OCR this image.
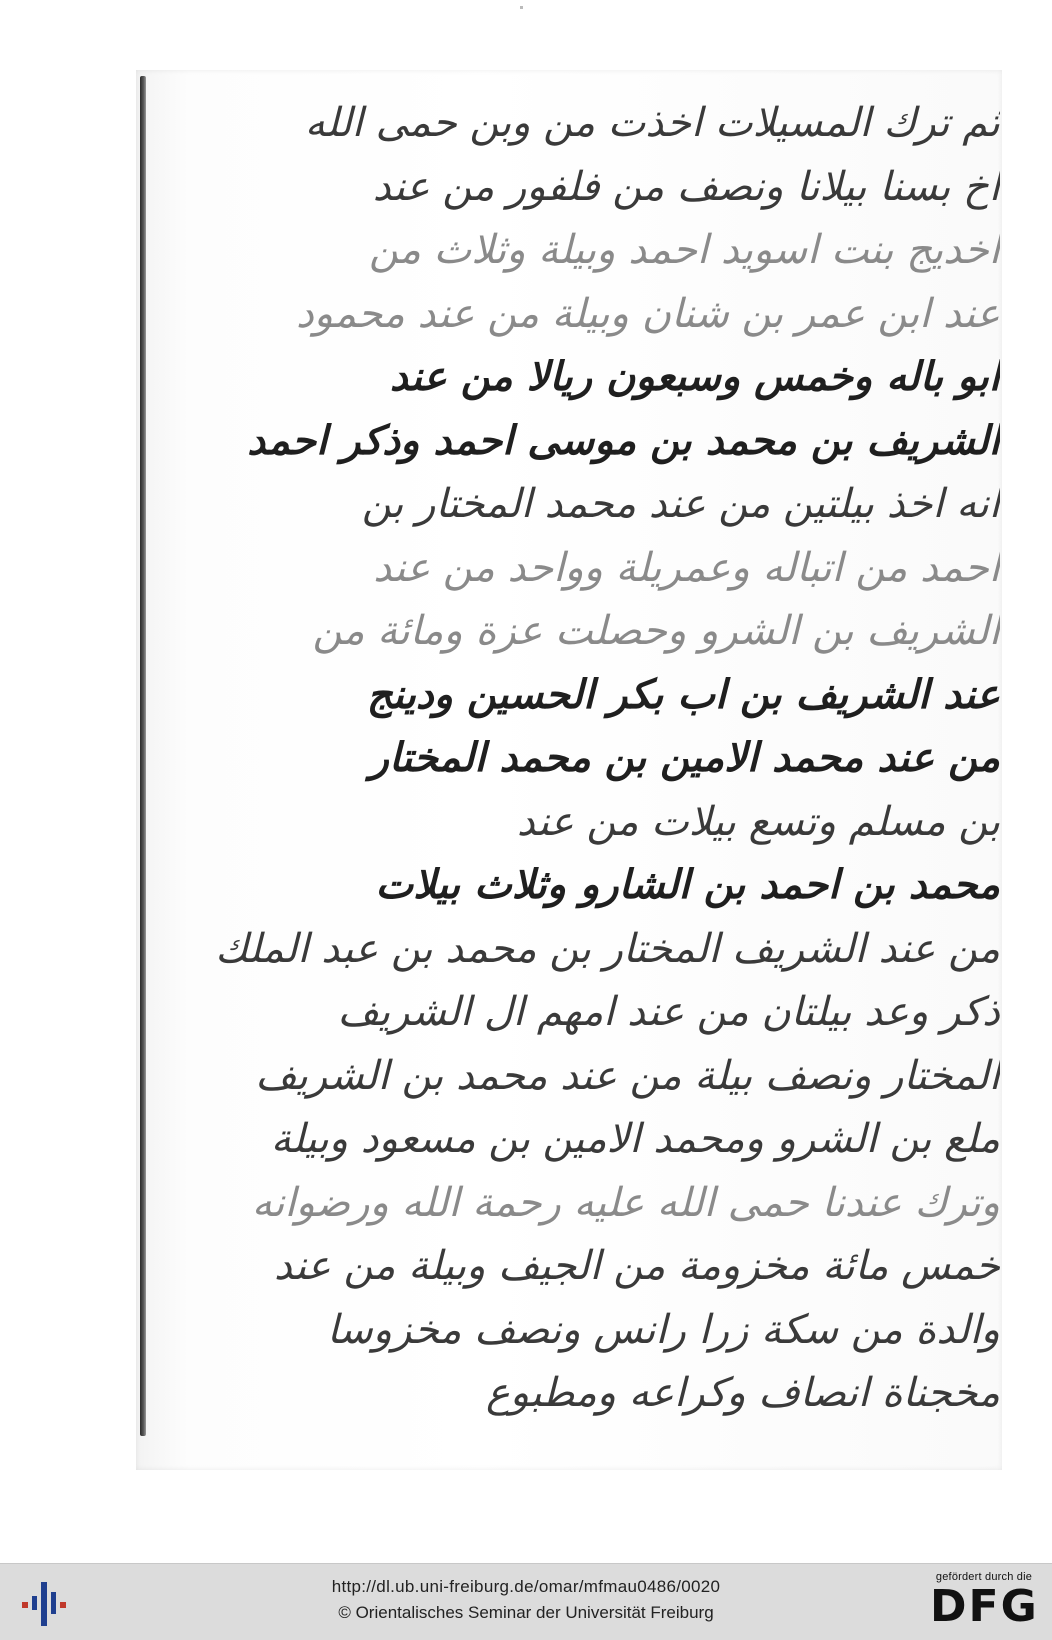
ثم ترك المسيلات اخذت من وبن حمى الله
اخ بسنا بيلانا ونصف من فلفور من عند
اخديج بنت اسويد احمد وبيلة وثلاث من
عند ابن عمر بن شنان وبيلة من عند محمود
ابو باله وخمس وسبعون ريالا من عند
الشريف بن محمد بن موسى احمد وذكر احمد
انه اخذ بيلتين من عند محمد المختار بن
احمد من اتباله وعمريلة وواحد من عند
الشريف بن الشرو وحصلت عزة ومائة من
عند الشريف بن اب بكر الحسين ودينج
من عند محمد الامين بن محمد المختار
بن مسلم وتسع بيلات من عند
محمد بن احمد بن الشارو وثلاث بيلات
من عند الشريف المختار بن محمد بن عبد الملك
ذكر وعد بيلتان من عند امهم ال الشريف
المختار ونصف بيلة من عند محمد بن الشريف
ملع بن الشرو ومحمد الامين بن مسعود وبيلة
وترك عندنا حمى الله عليه رحمة الله ورضوانه
خمس مائة مخزومة من الجيف وبيلة من عند
والدة من سكة زرا رانس ونصف مخزوسا
مخجناة انصاف وكراعه ومطبوع
http://dl.ub.uni-freiburg.de/omar/mfmau0486/0020
© Orientalisches Seminar der Universität Freiburg
gefördert durch die
DFG
